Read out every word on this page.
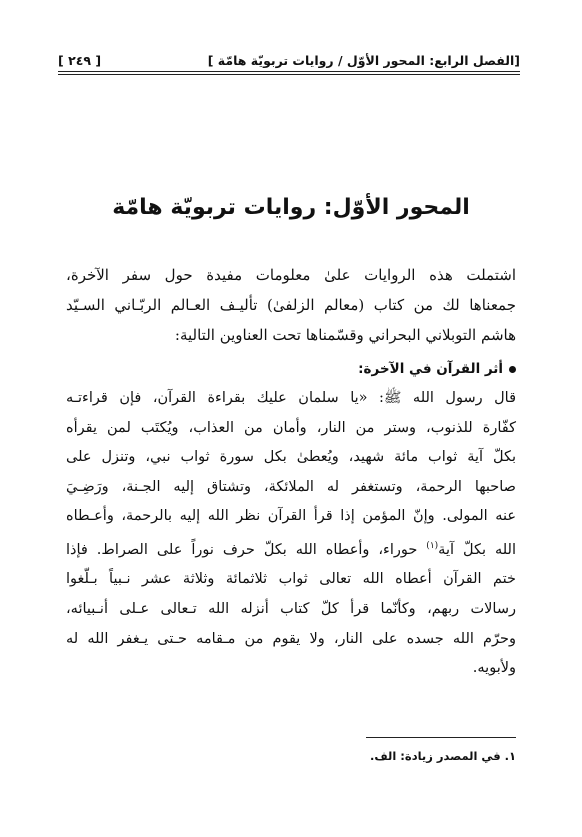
[الفصل الرابع: المحور الأوّل / روايات تربويّة هامّة ]
[ ٢٤٩ ]
المحور الأوّل: روايات تربويّة هامّة

اشتملت هذه الروايات علىٰ معلومات مفيدة حول سفر الآخرة،

جمعناها لك من كتاب (معالم الزلفىٰ) تأليـف العـالم الربّـاني السـيّد

هاشم التوبلاني البحراني وقسّمناها تحت العناوين التالية:

أثر القرآن في الآخرة:

قال رسول الله ﷺ: «يا سلمان عليك بقراءة القرآن، فإن قراءتـه

كفّارة للذنوب، وستر من النار، وأمان من العذاب، ويُكتَب لمن يقرأه

بكلّ آية ثواب مائة شهيد، ويُعطىٰ بكل سورة ثواب نبي، وتنزل على

صاحبها الرحمة، وتستغفر له الملائكة، وتشتاق إليه الجـنة، ورَضِـيَ

عنه المولى. وإنّ المؤمن إذا قرأ القرآن نظر الله إليه بالرحمة، وأعـطاه

الله بكلّ آية$^{(١)}$ حوراء، وأعطاه الله بكلّ حرف نوراً على الصراط. فإذا

ختم القرآن أعطاه الله تعالى ثواب ثلاثمائة وثلاثة عشر نـبياً بـلّغوا

رسالات ربهم، وكأنّما قرأ كلّ كتاب أنزله الله تـعالى عـلى أنـبيائه،

وحرّم الله جسده على النار، ولا يقوم من مـقامه حـتى يـغفر الله له

ولأبويه.

١. في المصدر زيادة: الف.
